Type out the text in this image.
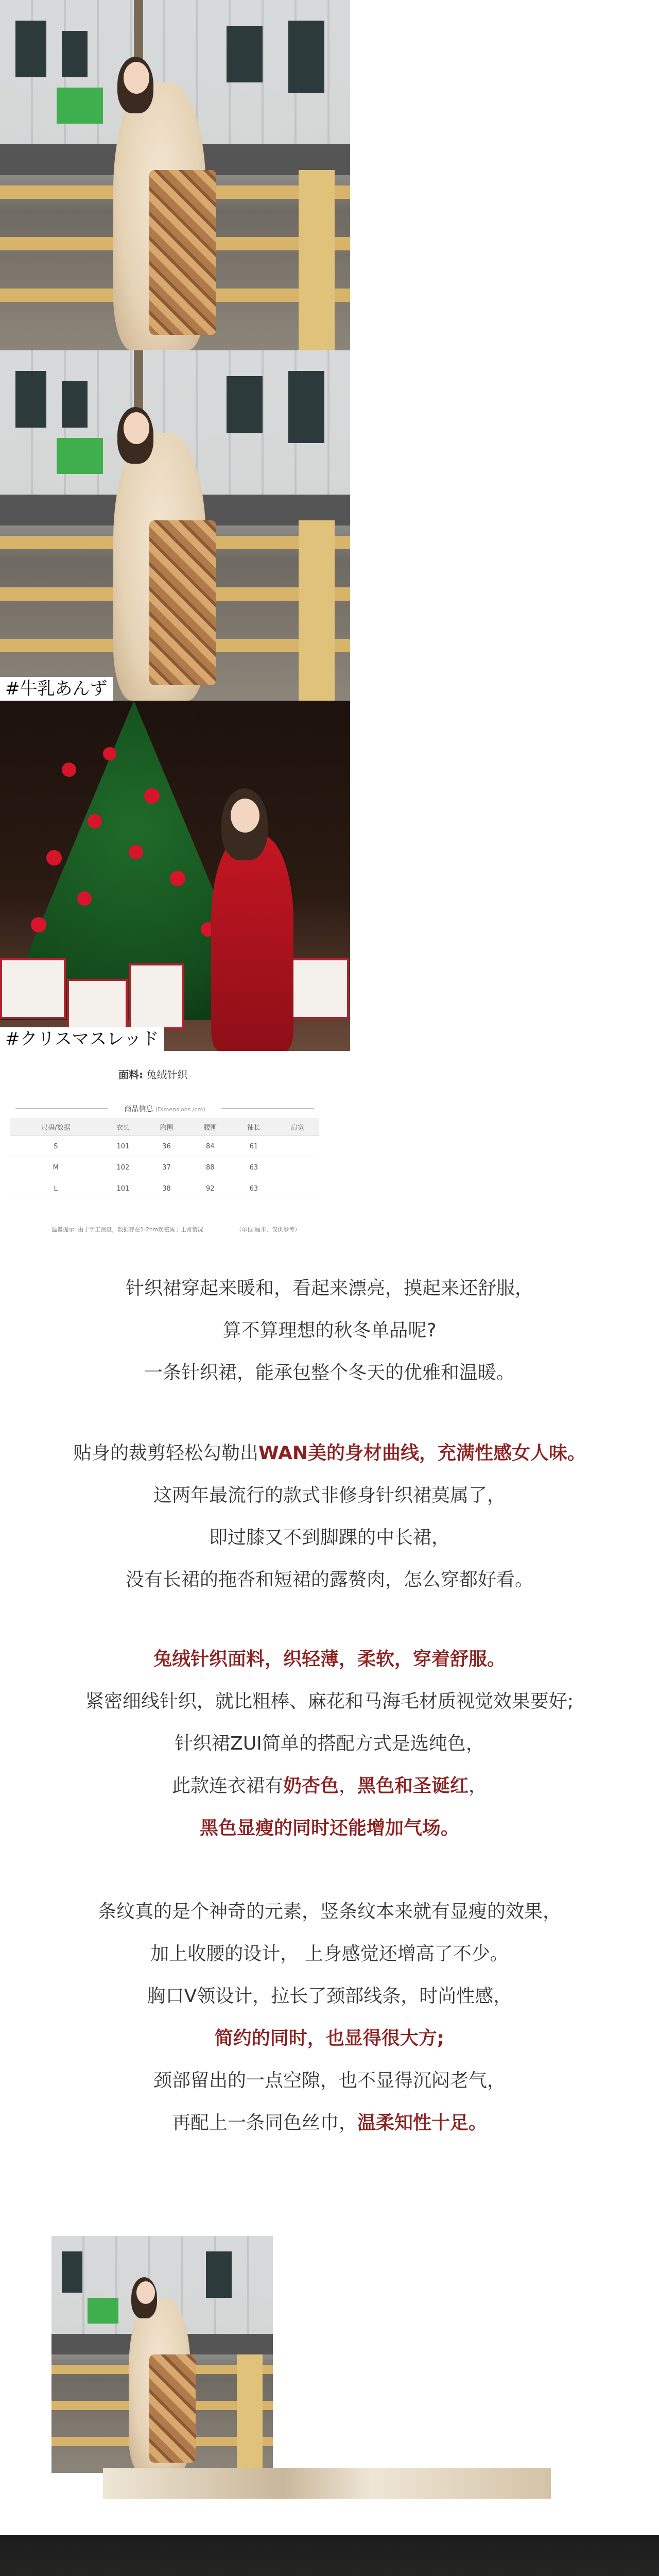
#牛乳あんず
#クリスマスレッド
面料: 兔绒针织
商品信息 (Dimensions /cm)
尺码/数据	衣长	胸围	腰围	袖长	肩宽
S	101	36	84	61	
M	102	37	88	63	
L	101	38	92	63	
温馨提示: 由于手工测量，数据存在1-2cm误差属于正常情况	（单位:厘米，仅供参考）
针织裙穿起来暖和，看起来漂亮，摸起来还舒服，
算不算理想的秋冬单品呢?
一条针织裙，能承包整个冬天的优雅和温暖。
贴身的裁剪轻松勾勒出WAN美的身材曲线，充满性感女人味。
这两年最流行的款式非修身针织裙莫属了，
即过膝又不到脚踝的中长裙，
没有长裙的拖沓和短裙的露赘肉，怎么穿都好看。
兔绒针织面料，织轻薄，柔软，穿着舒服。
紧密细线针织，就比粗棒、麻花和马海毛材质视觉效果要好;
针织裙ZUI简单的搭配方式是选纯色，
此款连衣裙有奶杏色，黑色和圣诞红，
黑色显瘦的同时还能增加气场。
条纹真的是个神奇的元素，竖条纹本来就有显瘦的效果，
加上收腰的设计， 上身感觉还增高了不少。
胸口V领设计，拉长了颈部线条，时尚性感，
简约的同时，也显得很大方;
颈部留出的一点空隙，也不显得沉闷老气，
再配上一条同色丝巾，温柔知性十足。
